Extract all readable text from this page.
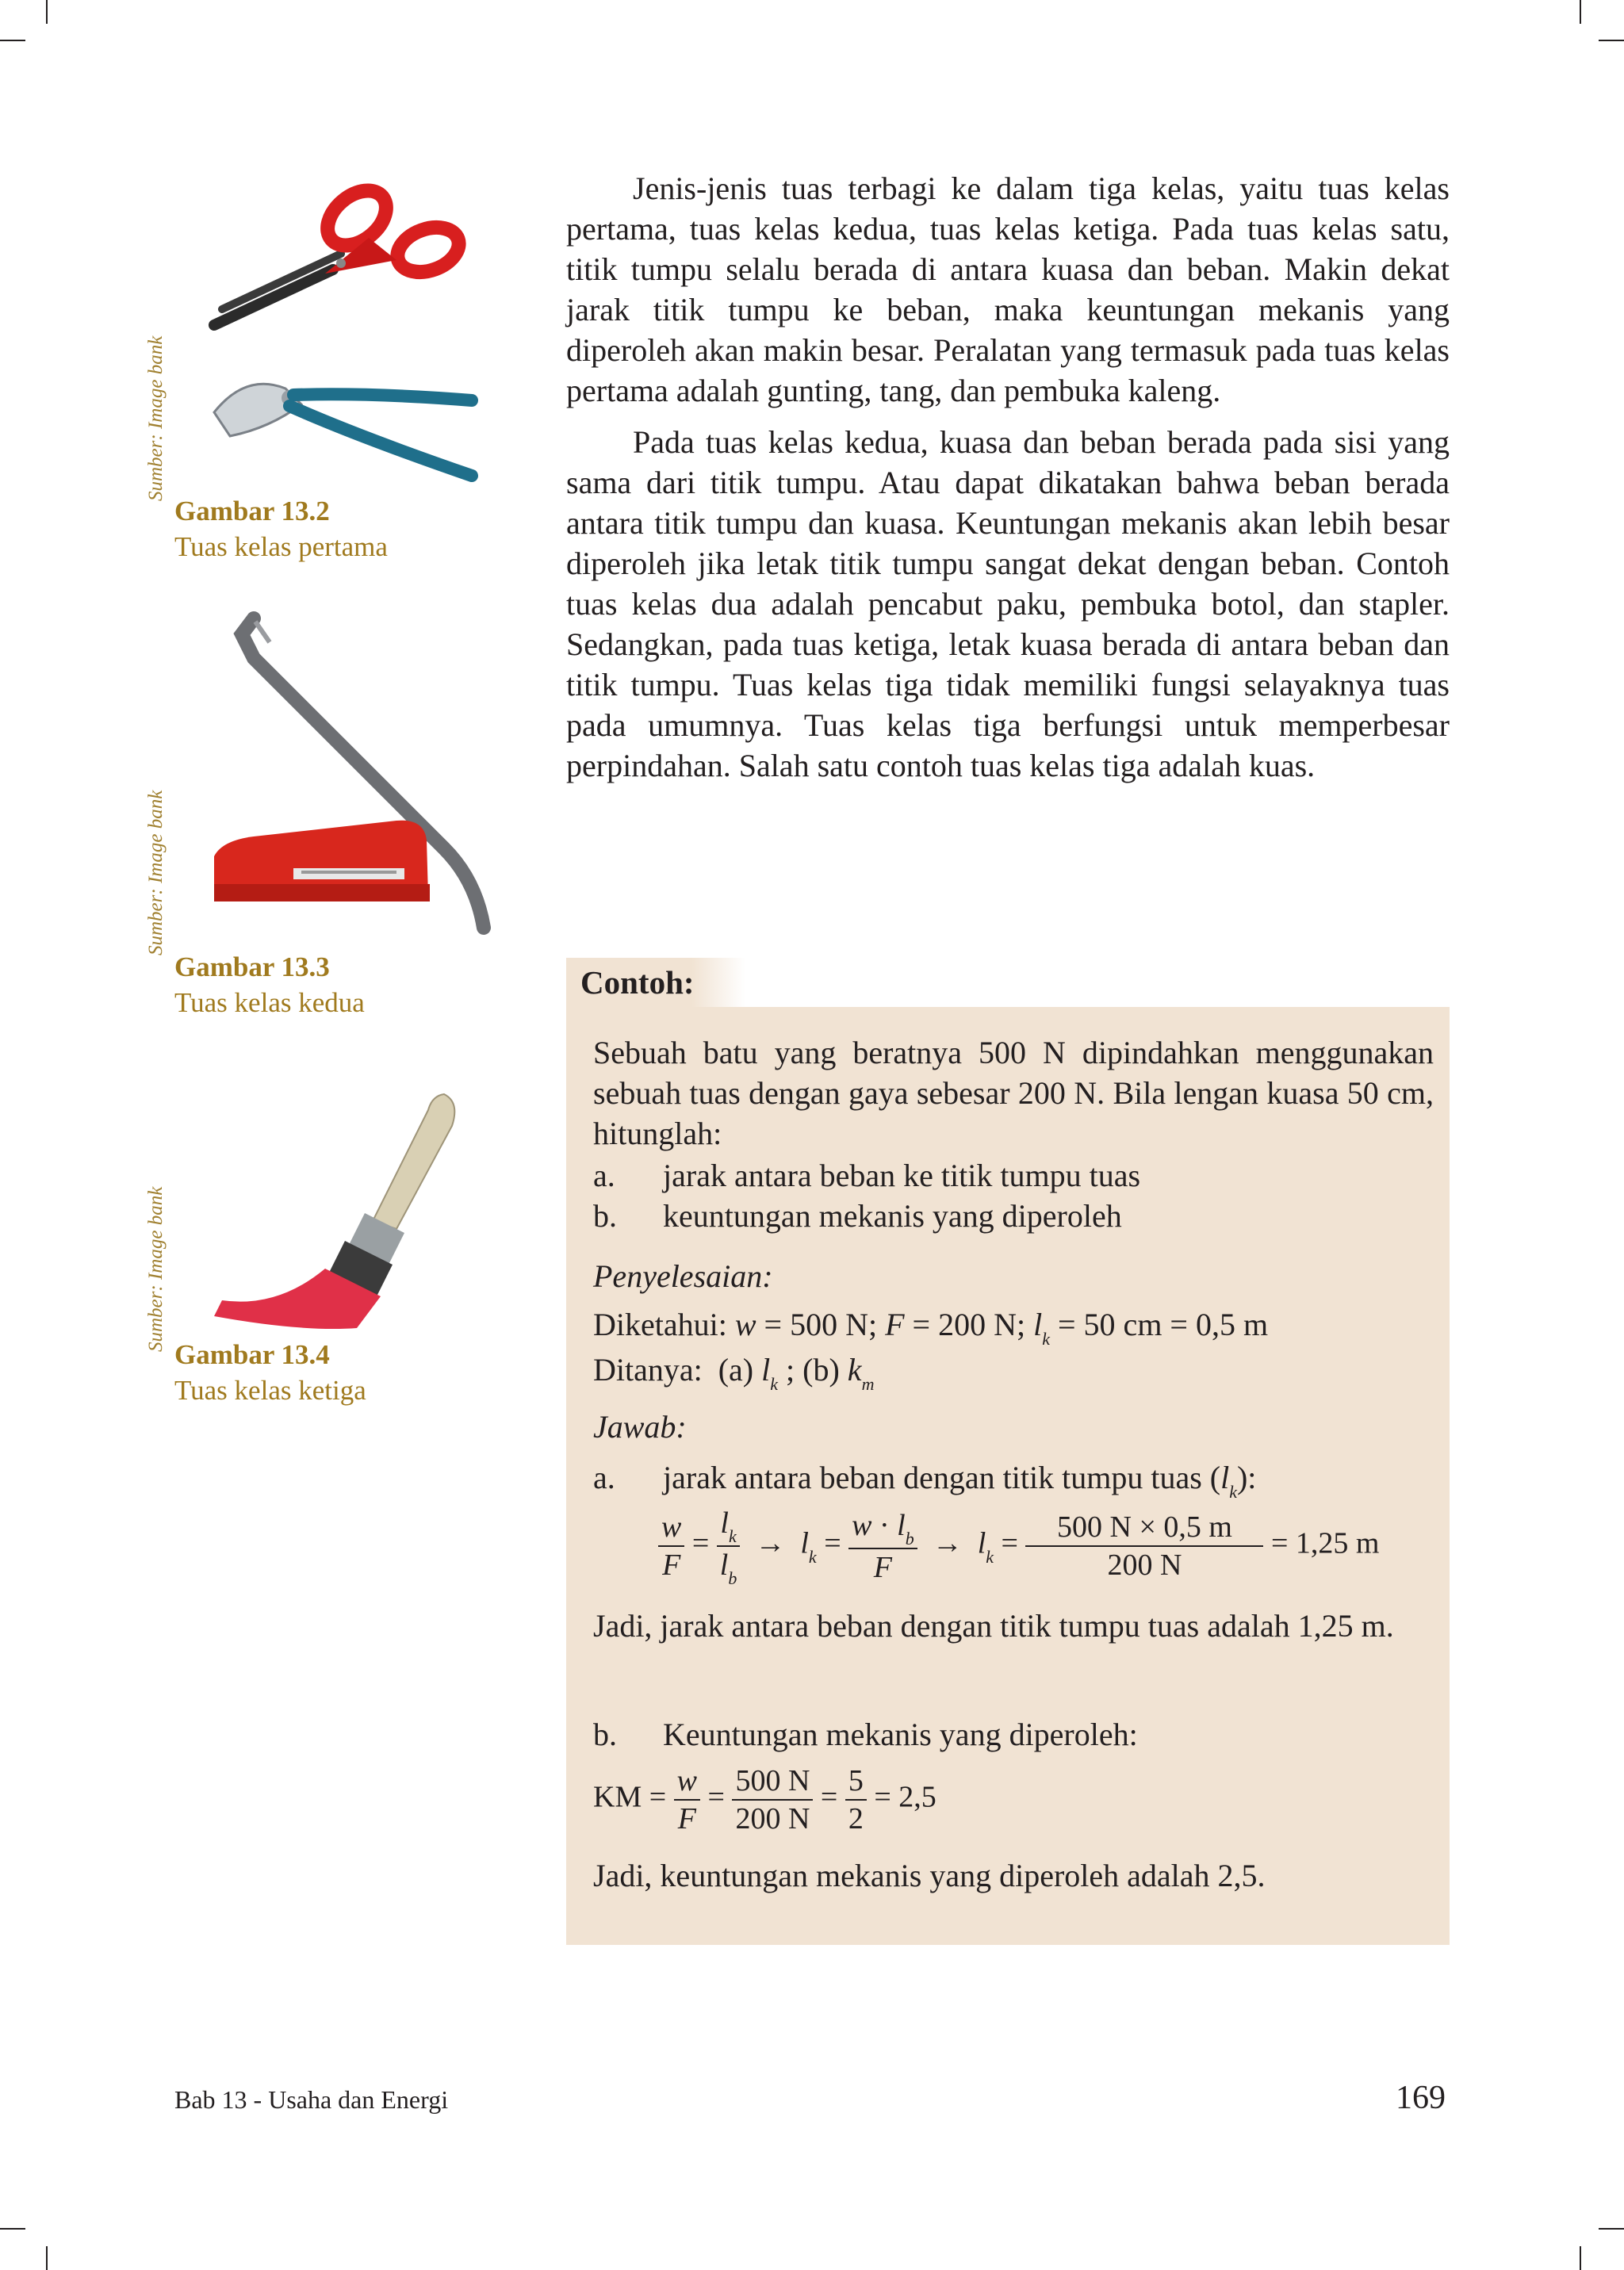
Sumber: Image bank
Gambar 13.2
Tuas kelas pertama
Sumber: Image bank
Gambar 13.3
Tuas kelas kedua
Sumber: Image bank
Gambar 13.4
Tuas kelas ketiga

Jenis-jenis tuas terbagi ke dalam tiga kelas, yaitu tuas kelas pertama, tuas kelas kedua, tuas kelas ketiga. Pada tuas kelas satu, titik tumpu selalu berada di antara kuasa dan beban. Makin dekat jarak titik tumpu ke beban, maka keuntungan mekanis yang diperoleh akan makin besar. Peralatan yang termasuk pada tuas kelas pertama adalah gunting, tang, dan pembuka kaleng.

Pada tuas kelas kedua, kuasa dan beban berada pada sisi yang sama dari titik tumpu. Atau dapat dikatakan bahwa beban berada antara titik tumpu dan kuasa. Keuntungan mekanis akan lebih besar diperoleh jika letak titik tumpu sangat dekat dengan beban. Contoh tuas kelas dua adalah pencabut paku, pembuka botol, dan stapler. Sedangkan, pada tuas ketiga, letak kuasa berada di antara beban dan titik tumpu. Tuas kelas tiga tidak memiliki fungsi selayaknya tuas pada umumnya. Tuas kelas tiga berfungsi untuk memperbesar perpindahan. Salah satu contoh tuas kelas tiga adalah kuas.

Contoh:
Sebuah batu yang beratnya 500 N dipindahkan menggunakan sebuah tuas dengan gaya sebesar 200 N. Bila lengan kuasa 50 cm, hitunglah:
a. jarak antara beban ke titik tumpu tuas
b. keuntungan mekanis yang diperoleh
Penyelesaian:
Diketahui: w = 500 N; F = 200 N; $l_k = 50$ cm = 0,5 m
Ditanya: (a) $l_k$ ; (b) $k_m$
Jawab:
a. jarak antara beban dengan titik tumpu tuas $(l_k)$:
$\frac{w}{F} = \frac{l_k}{l_b} \to l_k = \frac{w \cdot l_b}{F} \to l_k = \frac{500 N \times 0,5 m}{200 N} = 1,25$ m
Jadi, jarak antara beban dengan titik tumpu tuas adalah 1,25 m.
b. Keuntungan mekanis yang diperoleh:
KM = $\frac{w}{F} = \frac{500 N}{200 N} = \frac{5}{2} = 2,5$
Jadi, keuntungan mekanis yang diperoleh adalah 2,5.
Bab 13 - Usaha dan Energi	169
